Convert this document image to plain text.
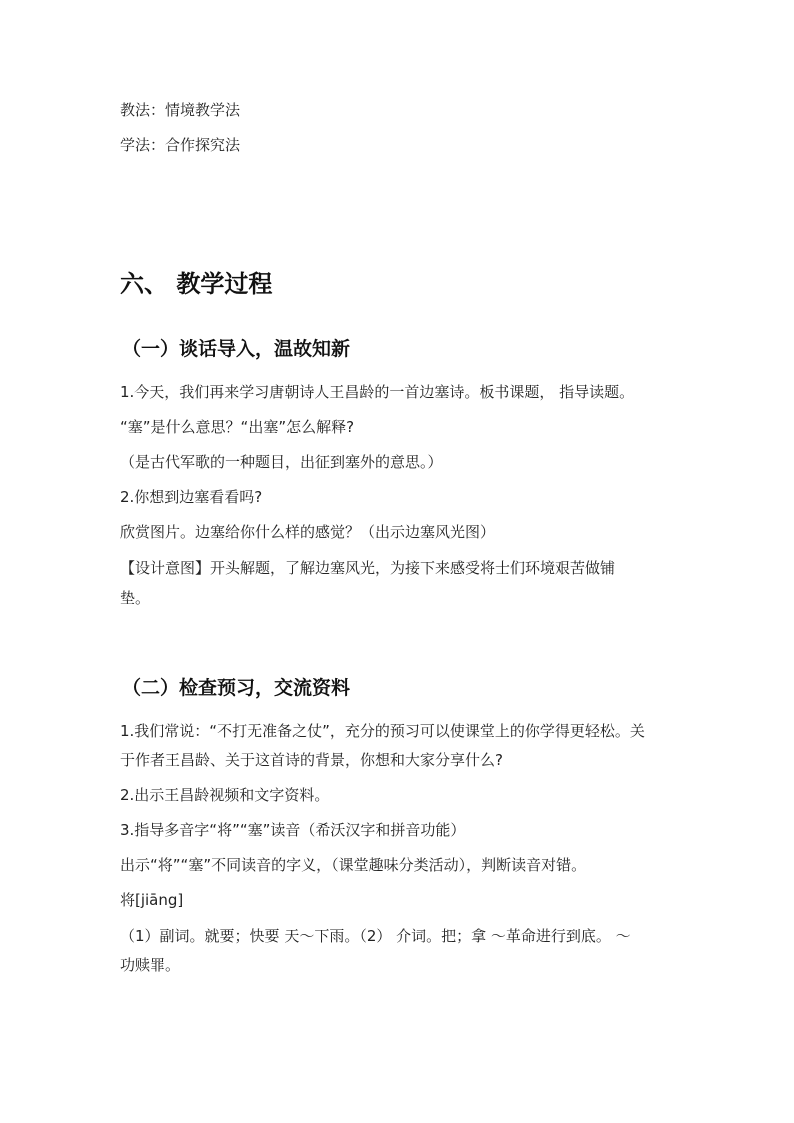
教法：情境教学法
学法：合作探究法
六、 教学过程
（一）谈话导入，温故知新
1.今天，我们再来学习唐朝诗人王昌龄的一首边塞诗。板书课题， 指导读题。
“塞”是什么意思？“出塞”怎么解释?
（是古代军歌的一种题目，出征到塞外的意思。）
2.你想到边塞看看吗?
欣赏图片。边塞给你什么样的感觉？（出示边塞风光图）
【设计意图】开头解题，了解边塞风光，为接下来感受将士们环境艰苦做铺
垫。
（二）检查预习，交流资料
1.我们常说：“不打无准备之仗”，充分的预习可以使课堂上的你学得更轻松。关
于作者王昌龄、关于这首诗的背景，你想和大家分享什么?
2.出示王昌龄视频和文字资料。
3.指导多音字“将”“塞”读音（希沃汉字和拼音功能）
出示“将”“塞”不同读音的字义，（课堂趣味分类活动），判断读音对错。
将[jiāng]
（1）副词。就要；快要 天～下雨。（2） 介词。把；拿 ～革命进行到底。 ～
功赎罪。
